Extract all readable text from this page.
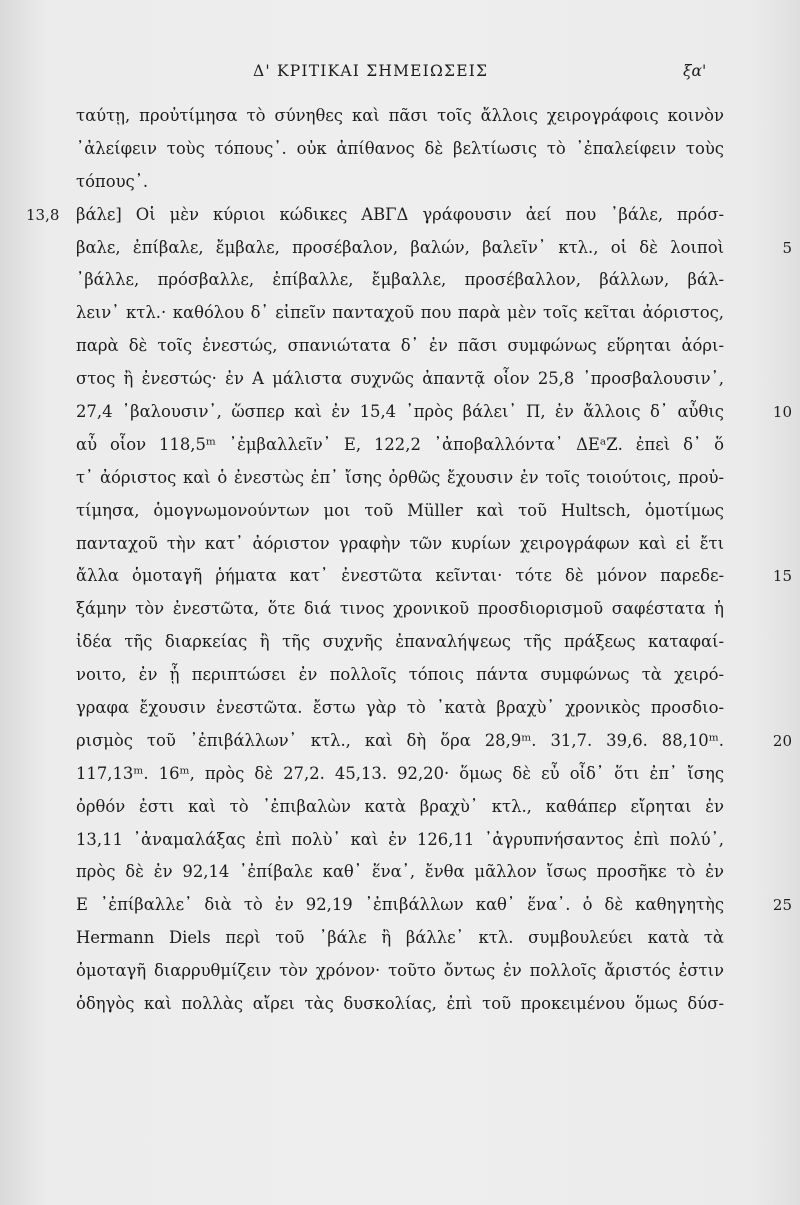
Δ' ΚΡΙΤΙΚΑΙ ΣΗΜΕΙΩΣΕΙΣ	ξα'
ταύτῃ, προὐτίμησα τὸ σύνηθες καὶ πᾶσι τοῖς ἄλλοις χειρογράφοις κοινὸν
᾿ἀλείφειν τοὺς τόπους᾽. οὐκ ἀπίθανος δὲ βελτίωσις τὸ ᾿ἐπαλείφειν τοὺς
τόπους᾽.
13,8 βάλε] Οἱ μὲν κύριοι κώδικες ΑΒΓΔ γράφουσιν ἀεί που ᾿βάλε, πρόσ-
βαλε, ἐπίβαλε, ἔμβαλε, προσέβαλον, βαλών, βαλεῖν᾽ κτλ., οἱ δὲ λοιποὶ	5
᾿βάλλε, πρόσβαλλε, ἐπίβαλλε, ἔμβαλλε, προσέβαλλον, βάλλων, βάλ-
λειν᾽ κτλ.· καθόλου δ᾽ εἰπεῖν πανταχοῦ που παρὰ μὲν τοῖς κεῖται ἀόριστος,
παρὰ δὲ τοῖς ἐνεστώς, σπανιώτατα δ᾽ ἐν πᾶσι συμφώνως εὕρηται ἀόρι-
στος ἢ ἐνεστώς· ἐν Α μάλιστα συχνῶς ἀπαντᾷ οἷον 25,8 ᾿προσβαλουσιν᾽,
27,4 ᾿βαλουσιν᾽, ὥσπερ καὶ ἐν 15,4 ᾿πρὸς βάλει᾽ Π, ἐν ἄλλοις δ᾽ αὖθις	10
αὖ οἷον 118,5ᵐ ᾿ἐμβαλλεῖν᾽ Ε, 122,2 ᾿ἀποβαλλόντα᾽ ΔΕᵃΖ. ἐπεὶ δ᾽ ὅ
τ᾽ ἀόριστος καὶ ὁ ἐνεστὼς ἐπ᾽ ἴσης ὀρθῶς ἔχουσιν ἐν τοῖς τοιούτοις, προὐ-
τίμησα, ὁμογνωμονούντων μοι τοῦ Müller καὶ τοῦ Hultsch, ὁμοτίμως
πανταχοῦ τὴν κατ᾽ ἀόριστον γραφὴν τῶν κυρίων χειρογράφων καὶ εἰ ἔτι
ἄλλα ὁμοταγῆ ῥήματα κατ᾽ ἐνεστῶτα κεῖνται· τότε δὲ μόνον παρεδε-	15
ξάμην τὸν ἐνεστῶτα, ὅτε διά τινος χρονικοῦ προσδιορισμοῦ σαφέστατα ἡ
ἰδέα τῆς διαρκείας ἢ τῆς συχνῆς ἐπαναλήψεως τῆς πράξεως καταφαί-
νοιτο, ἐν ᾗ περιπτώσει ἐν πολλοῖς τόποις πάντα συμφώνως τὰ χειρό-
γραφα ἔχουσιν ἐνεστῶτα. ἔστω γὰρ τὸ ᾿κατὰ βραχὺ᾽ χρονικὸς προσδιο-
ρισμὸς τοῦ ᾿ἐπιβάλλων᾽ κτλ., καὶ δὴ ὅρα 28,9ᵐ. 31,7. 39,6. 88,10ᵐ.	20
117,13ᵐ. 16ᵐ, πρὸς δὲ 27,2. 45,13. 92,20· ὅμως δὲ εὖ οἶδ᾽ ὅτι ἐπ᾽ ἴσης
ὀρθόν ἐστι καὶ τὸ ᾿ἐπιβαλὼν κατὰ βραχὺ᾽ κτλ., καθάπερ εἴρηται ἐν
13,11 ᾿ἀναμαλάξας ἐπὶ πολὺ᾽ καὶ ἐν 126,11 ᾿ἀγρυπνήσαντος ἐπὶ πολύ᾽,
πρὸς δὲ ἐν 92,14 ᾿ἐπίβαλε καθ᾽ ἕνα᾽, ἔνθα μᾶλλον ἴσως προσῆκε τὸ ἐν
Ε ᾿ἐπίβαλλε᾽ διὰ τὸ ἐν 92,19 ᾿ἐπιβάλλων καθ᾽ ἕνα᾽. ὁ δὲ καθηγητὴς	25
Hermann Diels περὶ τοῦ ᾿βάλε ἢ βάλλε᾽ κτλ. συμβουλεύει κατὰ τὰ
ὁμοταγῆ διαρρυθμίζειν τὸν χρόνον· τοῦτο ὄντως ἐν πολλοῖς ἄριστός ἐστιν
ὁδηγὸς καὶ πολλὰς αἴρει τὰς δυσκολίας, ἐπὶ τοῦ προκειμένου ὅμως δύσ-
